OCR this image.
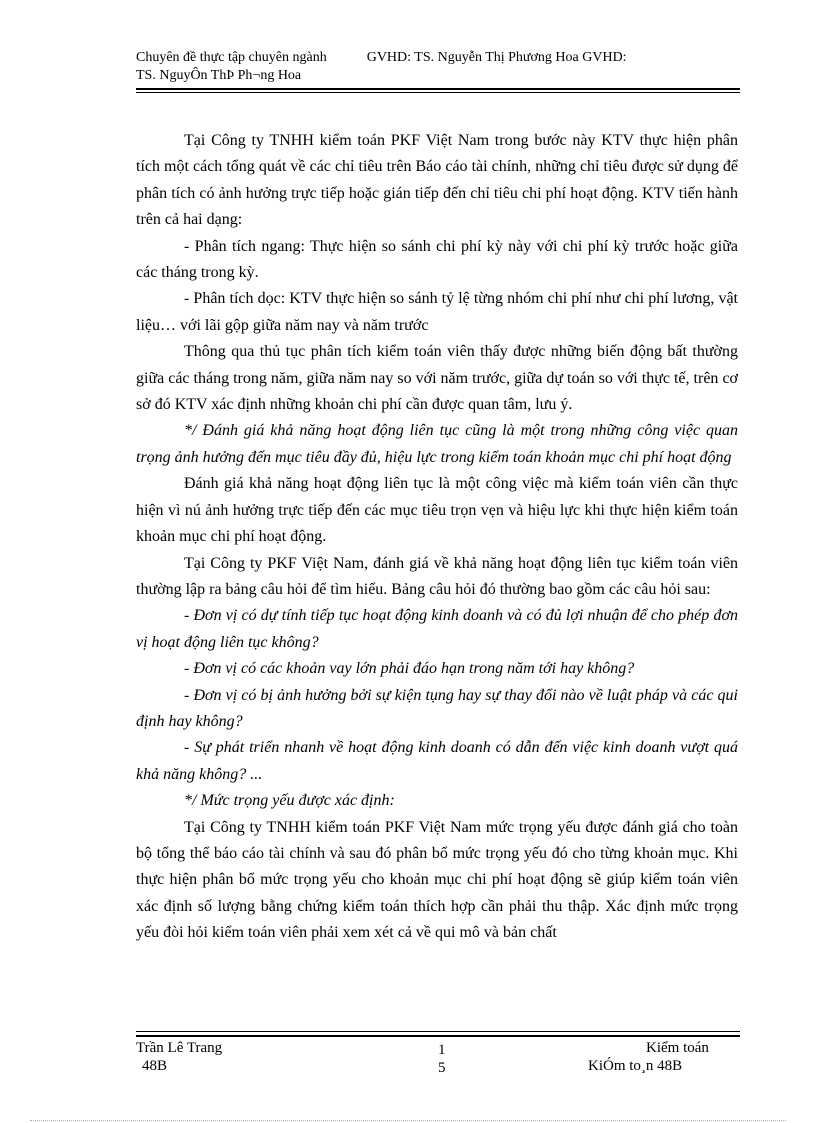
Chuyên đề thực tập chuyên ngành	GVHD: TS. Nguyễn Thị Phương Hoa GVHD:
TS. NguyÔn ThÞ Ph¬ng Hoa

Tại Công ty TNHH kiểm toán PKF Việt Nam trong bước này KTV thực hiện phân tích một cách tổng quát về các chỉ tiêu trên Báo cáo tài chính, những chỉ tiêu được sử dụng để phân tích có ảnh hưởng trực tiếp hoặc gián tiếp đến chỉ tiêu chi phí hoạt động. KTV tiến hành trên cả hai dạng:

- Phân tích ngang: Thực hiện so sánh chi phí kỳ này với chi phí kỳ trước hoặc giữa các tháng trong kỳ.

- Phân tích dọc: KTV thực hiện so sánh tỷ lệ từng nhóm chi phí như chi phí lương, vật liệu… với lãi gộp giữa năm nay và năm trước

Thông qua thủ tục phân tích kiểm toán viên thấy được những biến động bất thường giữa các tháng trong năm, giữa năm nay so với năm trước, giữa dự toán so với thực tế, trên cơ sở đó KTV xác định những khoản chi phí cần được quan tâm, lưu ý.

*/ Đánh giá khả năng hoạt động liên tục cũng là một trong những công việc quan trọng ảnh hưởng đến mục tiêu đầy đủ, hiệu lực trong kiểm toán khoản mục chi phí hoạt động

Đánh giá khả năng hoạt động liên tục là một công việc mà kiểm toán viên cần thực hiện vì nú ảnh hưởng trực tiếp đến các mục tiêu trọn vẹn và hiệu lực khi thực hiện kiểm toán khoản mục chi phí hoạt động.

Tại Công ty PKF Việt Nam, đánh giá về khả năng hoạt động liên tục kiểm toán viên thường lập ra bảng câu hỏi để tìm hiểu. Bảng câu hỏi đó thường bao gồm các câu hỏi sau:

- Đơn vị có dự tính tiếp tục hoạt động kinh doanh và có đủ lợi nhuận để cho phép đơn vị hoạt động liên tục không?

- Đơn vị có các khoản vay lớn phải đáo hạn trong năm tới hay không?

- Đơn vị có bị ảnh hưởng bởi sự kiện tụng hay sự thay đổi nào về luật pháp và các qui định hay không?

- Sự phát triển nhanh về hoạt động kinh doanh có dẫn đến việc kinh doanh vượt quá khả năng không? ...

*/ Mức trọng yếu được xác định:

Tại Công ty TNHH kiểm toán PKF Việt Nam mức trọng yếu được đánh giá cho toàn bộ tổng thể báo cáo tài chính và sau đó phân bổ mức trọng yếu đó cho từng khoản mục. Khi thực hiện phân bổ mức trọng yếu cho khoản mục chi phí hoạt động sẽ giúp kiểm toán viên xác định số lượng bằng chứng kiểm toán thích hợp cần phải thu thập. Xác định mức trọng yếu đòi hỏi kiểm toán viên phải xem xét cả về qui mô và bản chất

Trần Lê Trang
48B
1
5
Kiểm toán
KiÓm to¸n 48B
